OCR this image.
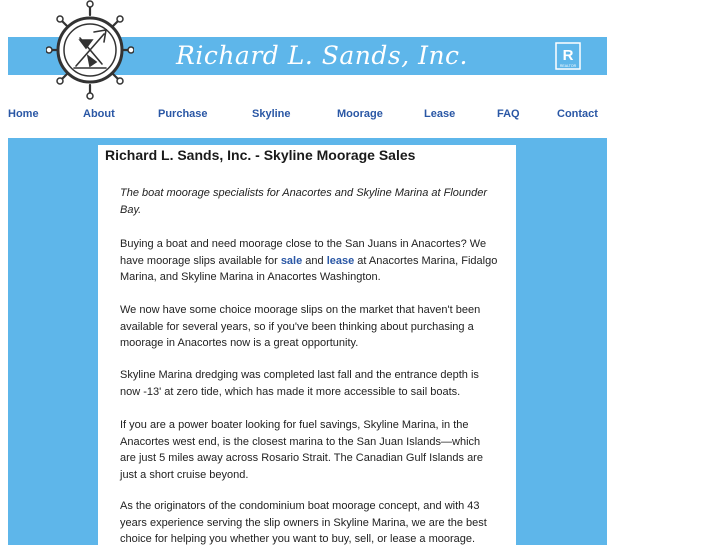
Richard L. Sands, Inc.	R
REALTOR
Home	About	Purchase	Skyline	Moorage	Lease	FAQ	Contact
Richard L. Sands, Inc. - Skyline Moorage Sales

The boat moorage specialists for Anacortes and Skyline Marina at Flounder Bay.

Buying a boat and need moorage close to the San Juans in Anacortes? We have moorage slips available for sale and lease at Anacortes Marina, Fidalgo Marina, and Skyline Marina in Anacortes Washington.

We now have some choice moorage slips on the market that haven't been available for several years, so if you've been thinking about purchasing a moorage in Anacortes now is a great opportunity.

Skyline Marina dredging was completed last fall and the entrance depth is now -13' at zero tide, which has made it more accessible to sail boats.

If you are a power boater looking for fuel savings, Skyline Marina, in the Anacortes west end, is the closest marina to the San Juan Islands—which are just 5 miles away across Rosario Strait. The Canadian Gulf Islands are just a short cruise beyond.

As the originators of the condominium boat moorage concept, and with 43 years experience serving the slip owners in Skyline Marina, we are the best choice for helping you whether you want to buy, sell, or lease a moorage.
